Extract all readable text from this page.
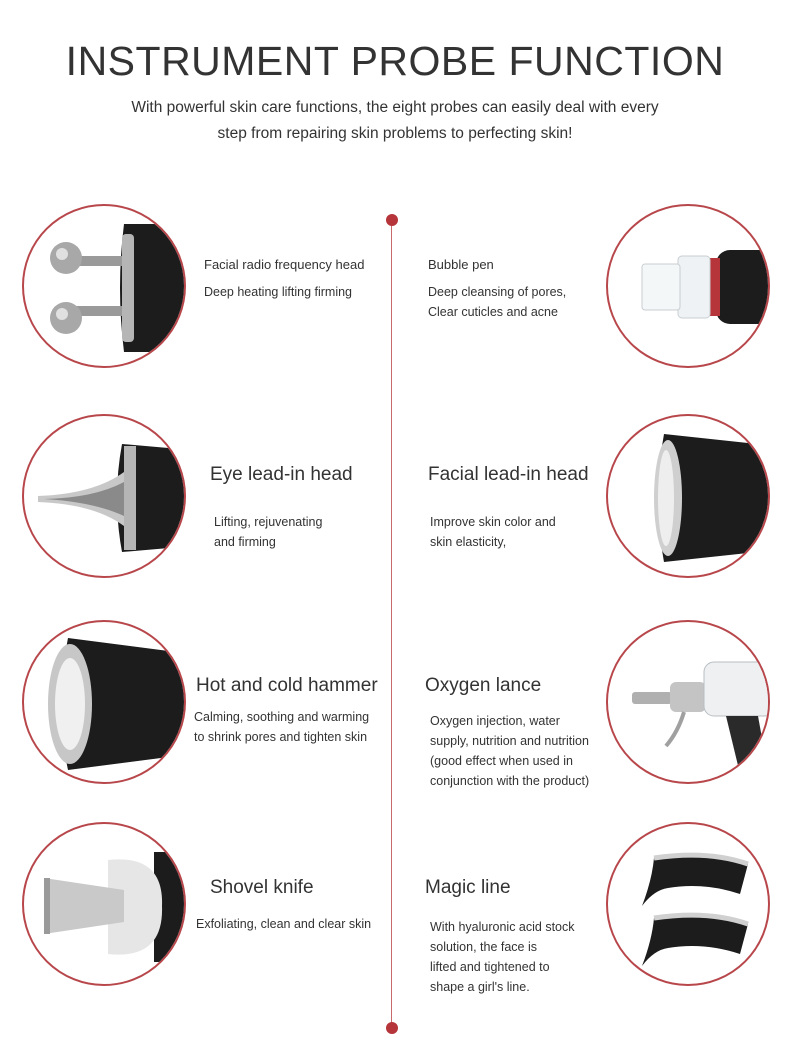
INSTRUMENT PROBE FUNCTION
With powerful skin care functions, the eight probes can easily deal with every
step from repairing skin problems to perfecting skin!
Facial radio frequency head
Deep heating lifting firming
Bubble pen
Deep cleansing of pores,
Clear cuticles and acne
Eye lead-in head
Lifting, rejuvenating
and firming
Facial lead-in head
Improve skin color and
skin elasticity,
Hot and cold hammer
Calming, soothing and warming
to shrink pores and tighten skin
Oxygen lance
Oxygen injection, water
supply, nutrition and nutrition
(good effect when used in
conjunction with the product)
Shovel knife
Exfoliating, clean and clear skin
Magic line
With hyaluronic acid stock
solution, the face is
lifted and tightened to
shape a girl's line.
